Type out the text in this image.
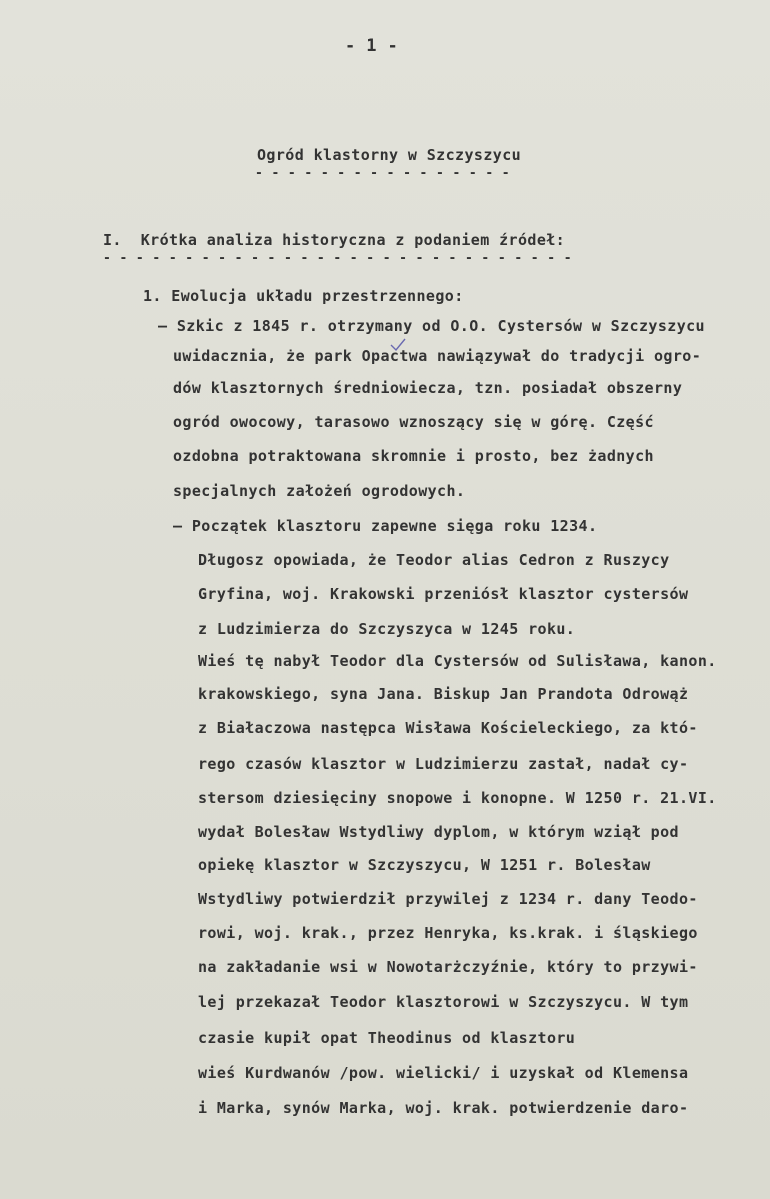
- 1 -
Ogród klastorny w Szczyszycu
- - - - - - - - - - - - - - - -
I.  Krótka analiza historyczna z podaniem źródeł:
- - - - - - - - - - - - - - - - - - - - - - - - - - - - -
1. Ewolucja układu przestrzennego:
– Szkic z 1845 r. otrzymany od O.O. Cystersów w Szczyszycu
uwidacznia, że park Opactwa nawiązywał do tradycji ogro-
dów klasztornych średniowiecza, tzn. posiadał obszerny
ogród owocowy, tarasowo wznoszący się w górę. Część
ozdobna potraktowana skromnie i prosto, bez żadnych
specjalnych założeń ogrodowych.
– Początek klasztoru zapewne sięga roku 1234.
Długosz opowiada, że Teodor alias Cedron z Ruszycy
Gryfina, woj. Krakowski przeniósł klasztor cystersów
z Ludzimierza do Szczyszyca w 1245 roku.
Wieś tę nabył Teodor dla Cystersów od Sulisława, kanon.
krakowskiego, syna Jana. Biskup Jan Prandota Odrowąż
z Białaczowa następca Wisława Kościeleckiego, za któ-
rego czasów klasztor w Ludzimierzu zastał, nadał cy-
stersom dziesięciny snopowe i konopne. W 1250 r. 21.VI.
wydał Bolesław Wstydliwy dyplom, w którym wziął pod
opiekę klasztor w Szczyszycu, W 1251 r. Bolesław
Wstydliwy potwierdził przywilej z 1234 r. dany Teodo-
rowi, woj. krak., przez Henryka, ks.krak. i śląskiego
na zakładanie wsi w Nowotarżczyźnie, który to przywi-
lej przekazał Teodor klasztorowi w Szczyszycu. W tym
czasie kupił opat Theodinus od klasztoru
wieś Kurdwanów /pow. wielicki/ i uzyskał od Klemensa
i Marka, synów Marka, woj. krak. potwierdzenie daro-
